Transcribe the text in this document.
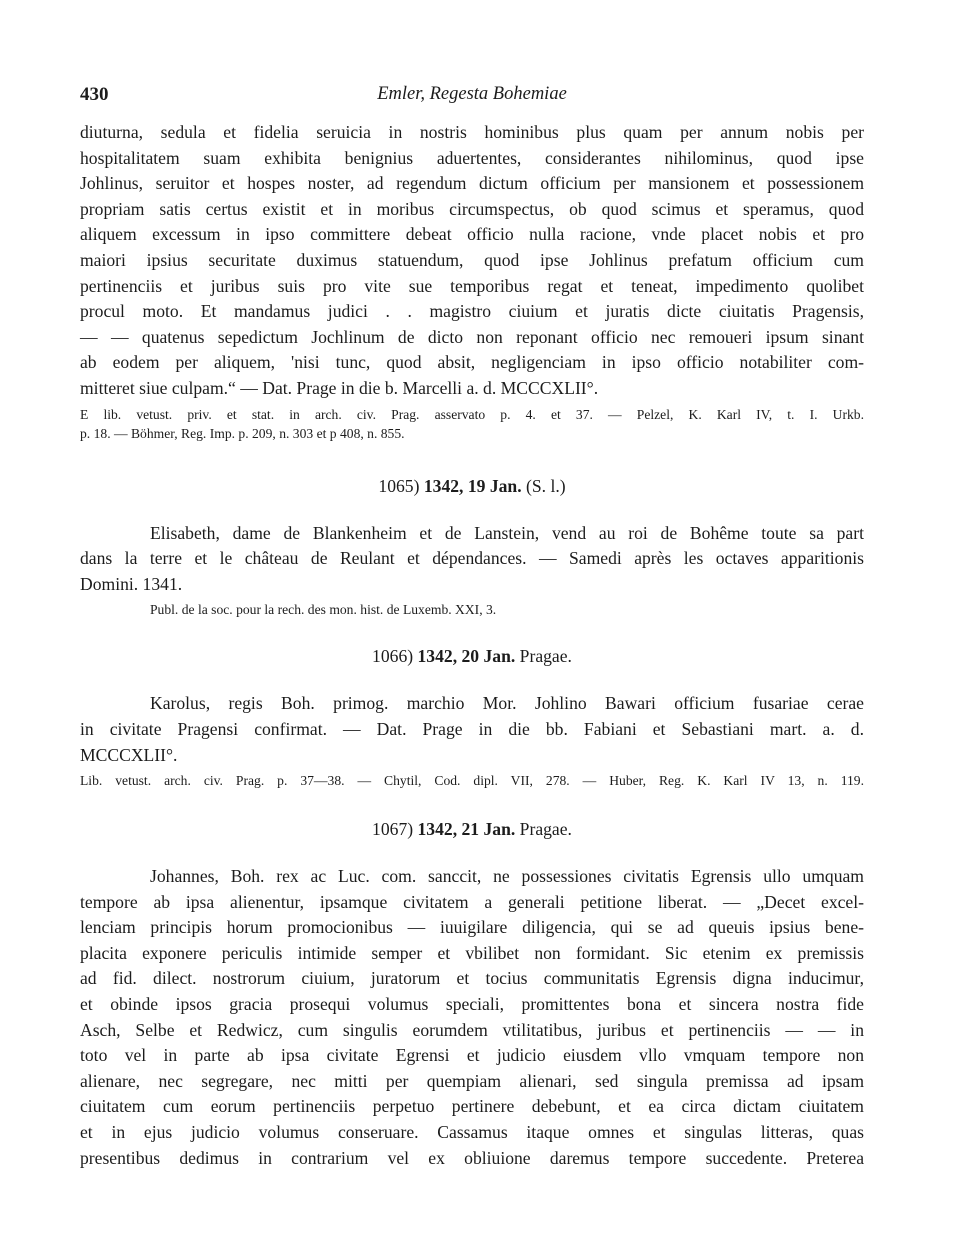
430	Emler, Regesta Bohemiae
diuturna, sedula et fidelia seruicia in nostris hominibus plus quam per annum nobis per
hospitalitatem suam exhibita benignius aduertentes, considerantes nihilominus, quod ipse
Johlinus, seruitor et hospes noster, ad regendum dictum officium per mansionem et possessionem
propriam satis certus existit et in moribus circumspectus, ob quod scimus et speramus, quod
aliquem excessum in ipso committere debeat officio nulla racione, vnde placet nobis et pro
maiori ipsius securitate duximus statuendum, quod ipse Johlinus prefatum officium cum
pertinenciis et juribus suis pro vite sue temporibus regat et teneat, impedimento quolibet
procul moto. Et mandamus judici . . magistro ciuium et juratis dicte ciuitatis Pragensis,
— — quatenus sepedictum Jochlinum de dicto non reponant officio nec remoueri ipsum sinant
ab eodem per aliquem, 'nisi tunc, quod absit, negligenciam in ipso officio notabiliter com-
mitteret siue culpam.“ — Dat. Prage in die b. Marcelli a. d. MCCCXLII°.
E lib. vetust. priv. et stat. in arch. civ. Prag. asservato p. 4. et 37. — Pelzel, K. Karl IV, t. I. Urkb.
p. 18. — Böhmer, Reg. Imp. p. 209, n. 303 et p 408, n. 855.

1065) 1342, 19 Jan. (S. l.)

Elisabeth, dame de Blankenheim et de Lanstein, vend au roi de Bohême toute sa part
dans la terre et le château de Reulant et dépendances. — Samedi après les octaves apparitionis
Domini. 1341.
Publ. de la soc. pour la rech. des mon. hist. de Luxemb. XXI, 3.

1066) 1342, 20 Jan. Pragae.

Karolus, regis Boh. primog. marchio Mor. Johlino Bawari officium fusariae cerae
in civitate Pragensi confirmat. — Dat. Prage in die bb. Fabiani et Sebastiani mart. a. d.
MCCCXLII°.
Lib. vetust. arch. civ. Prag. p. 37—38. — Chytil, Cod. dipl. VII, 278. — Huber, Reg. K. Karl IV 13, n. 119.

1067) 1342, 21 Jan. Pragae.

Johannes, Boh. rex ac Luc. com. sanccit, ne possessiones civitatis Egrensis ullo umquam
tempore ab ipsa alienentur, ipsamque civitatem a generali petitione liberat. — „Decet excel-
lenciam principis horum promocionibus — iuuigilare diligencia, qui se ad queuis ipsius bene-
placita exponere periculis intimide semper et vbilibet non formidant. Sic etenim ex premissis
ad fid. dilect. nostrorum ciuium, juratorum et tocius communitatis Egrensis digna inducimur,
et obinde ipsos gracia prosequi volumus speciali, promittentes bona et sincera nostra fide
Asch, Selbe et Redwicz, cum singulis eorumdem vtilitatibus, juribus et pertinenciis — — in
toto vel in parte ab ipsa civitate Egrensi et judicio eiusdem vllo vmquam tempore non
alienare, nec segregare, nec mitti per quempiam alienari, sed singula premissa ad ipsam
ciuitatem cum eorum pertinenciis perpetuo pertinere debebunt, et ea circa dictam ciuitatem
et in ejus judicio volumus conseruare. Cassamus itaque omnes et singulas litteras, quas
presentibus dedimus in contrarium vel ex obliuione daremus tempore succedente. Preterea
